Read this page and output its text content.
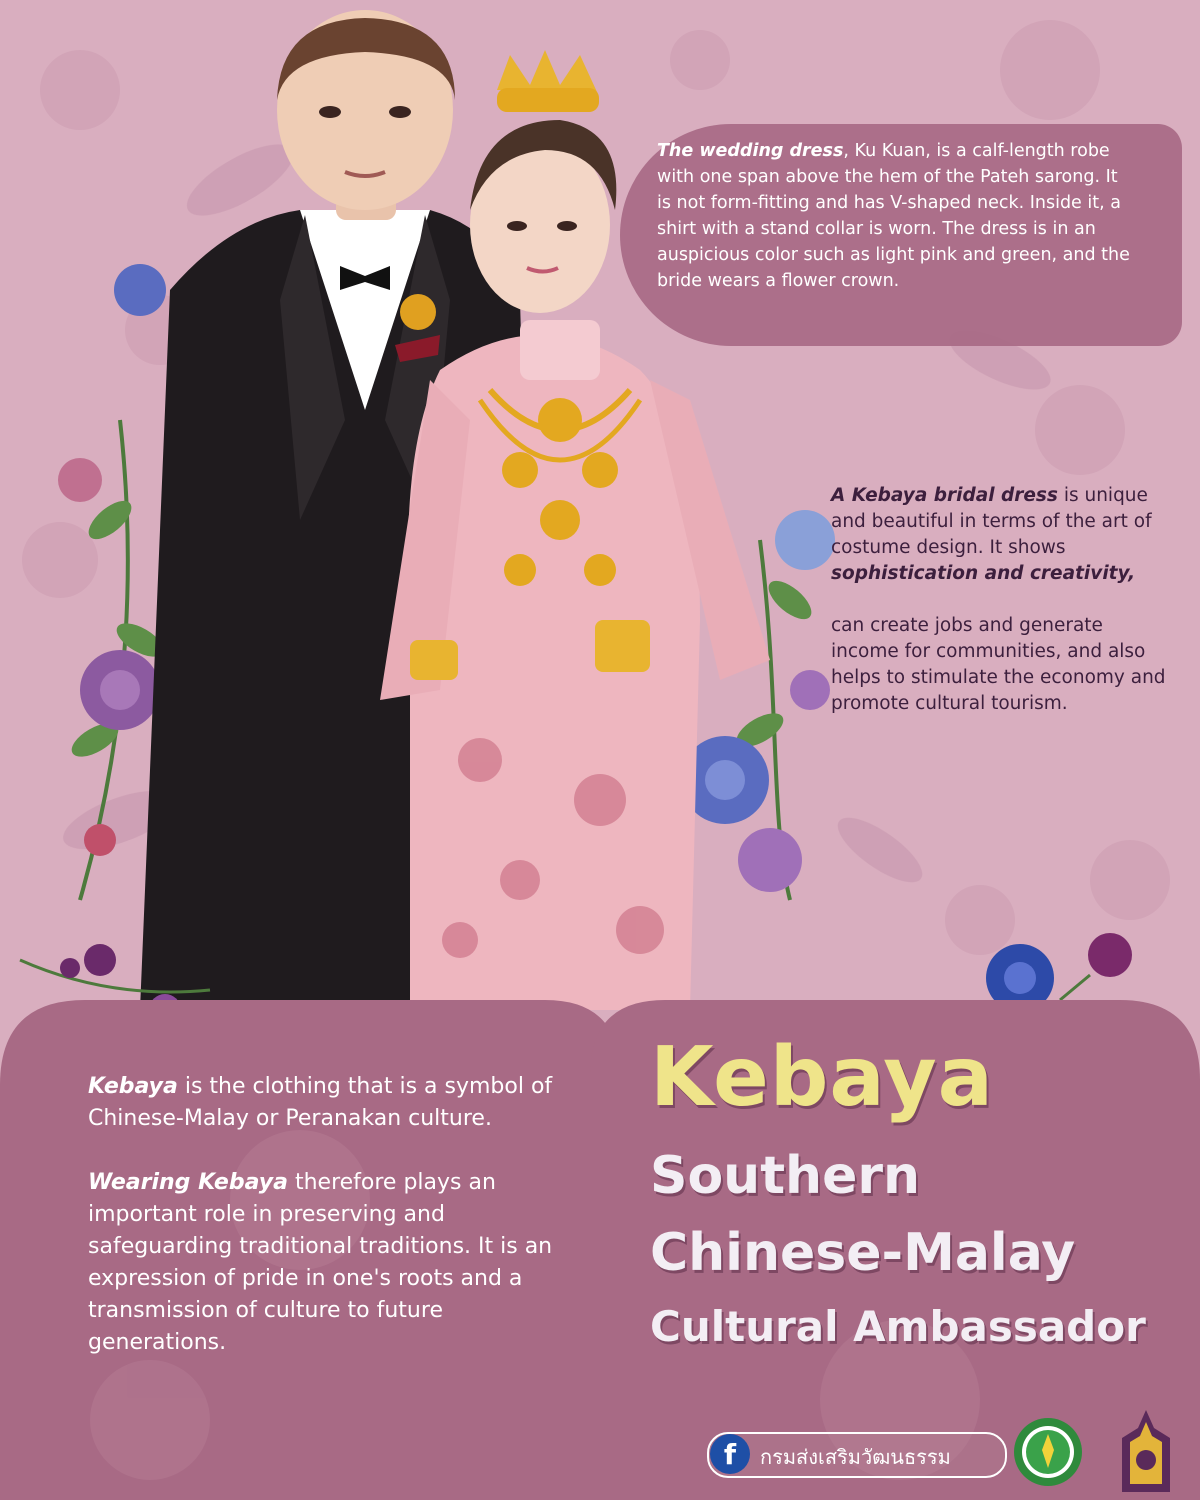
The wedding dress, Ku Kuan, is a calf-length robe with one span above the hem of the Pateh sarong. It is not form-fitting and has V-shaped neck. Inside it, a shirt with a stand collar is worn. The dress is in an auspicious color such as light pink and green, and the bride wears a flower crown.

A Kebaya bridal dress is unique and beautiful in terms of the art of costume design. It shows sophistication and creativity,

can create jobs and generate income for communities, and also helps to stimulate the economy and promote cultural tourism.

Kebaya is the clothing that is a symbol of Chinese-Malay or Peranakan culture.

Wearing Kebaya therefore plays an important role in preserving and safeguarding traditional traditions. It is an expression of pride in one's roots and a transmission of culture to future generations.

Kebaya
Southern
Chinese-Malay
Cultural Ambassador
f	กรมส่งเสริมวัฒนธรรม
